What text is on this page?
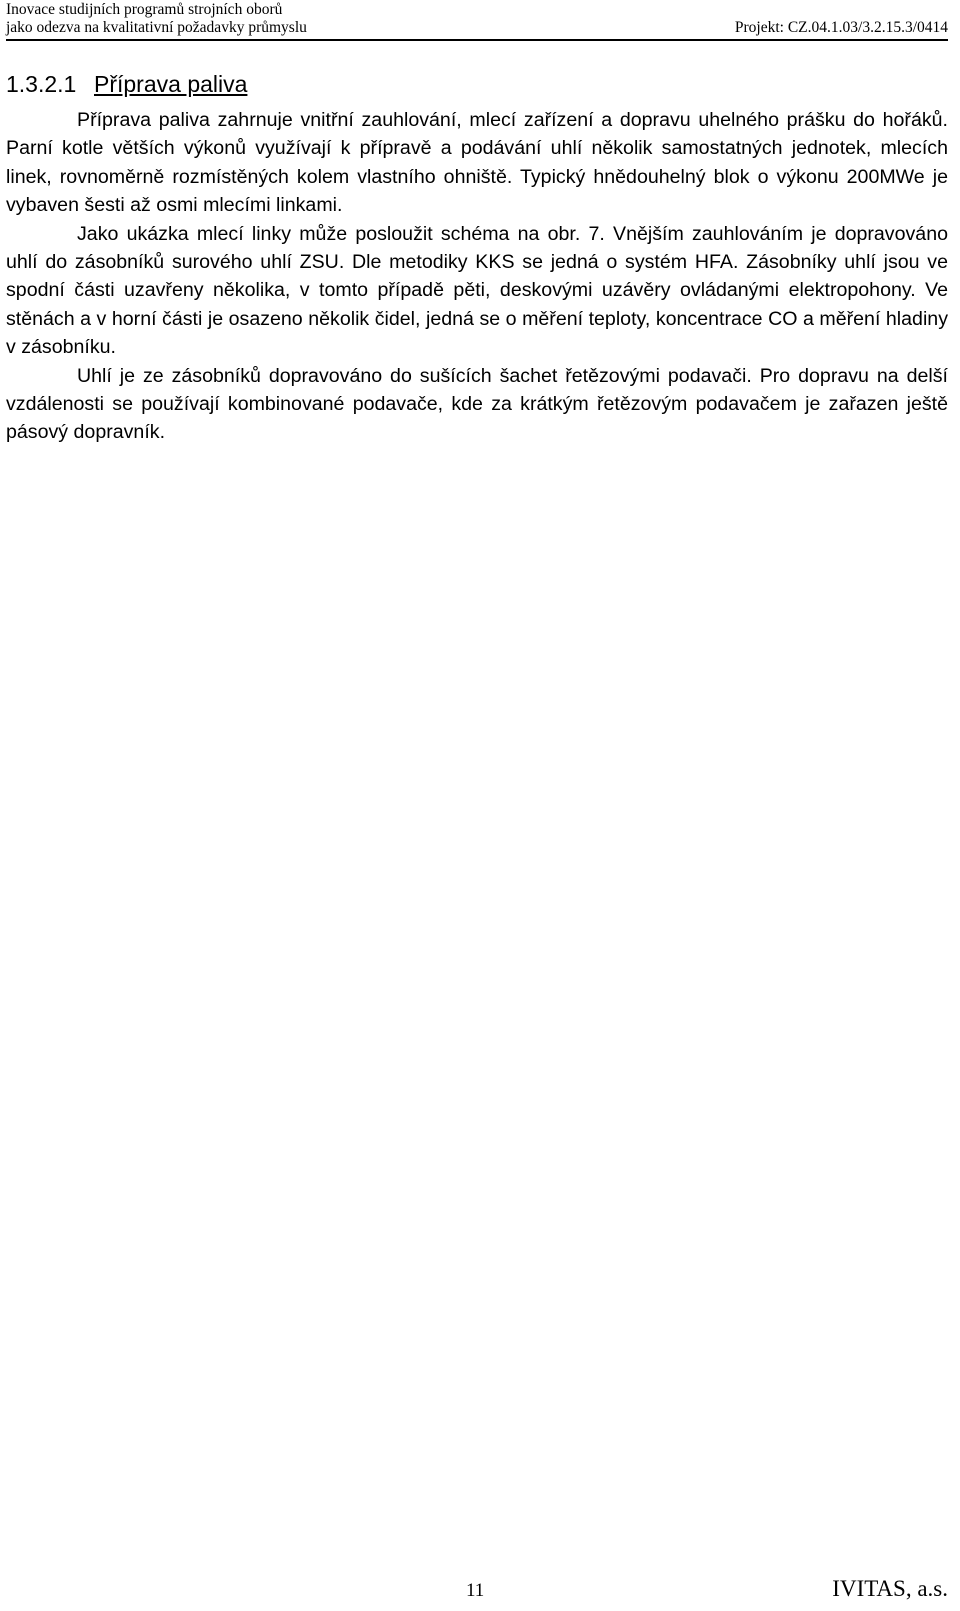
Inovace studijních programů strojních oborů
jako odezva na kvalitativní požadavky průmyslu	Projekt: CZ.04.1.03/3.2.15.3/0414
1.3.2.1 Příprava paliva

Příprava paliva zahrnuje vnitřní zauhlování, mlecí zařízení a dopravu uhelného prášku do hořáků. Parní kotle větších výkonů využívají k přípravě a podávání uhlí několik samostatných jednotek, mlecích linek, rovnoměrně rozmístěných kolem vlastního ohniště. Typický hnědouhelný blok o výkonu 200MWe je vybaven šesti až osmi mlecími linkami.

Jako ukázka mlecí linky může posloužit schéma na obr. 7. Vnějším zauhlováním je dopravováno uhlí do zásobníků surového uhlí ZSU. Dle metodiky KKS se jedná o systém HFA. Zásobníky uhlí jsou ve spodní části uzavřeny několika, v tomto případě pěti, deskovými uzávěry ovládanými elektropohony. Ve stěnách a v horní části je osazeno několik čidel, jedná se o měření teploty, koncentrace CO a měření hladiny v zásobníku.

Uhlí je ze zásobníků dopravováno do sušících šachet řetězovými podavači. Pro dopravu na delší vzdálenosti se používají kombinované podavače, kde za krátkým řetězovým podavačem je zařazen ještě pásový dopravník.

11	IVITAS, a.s.
